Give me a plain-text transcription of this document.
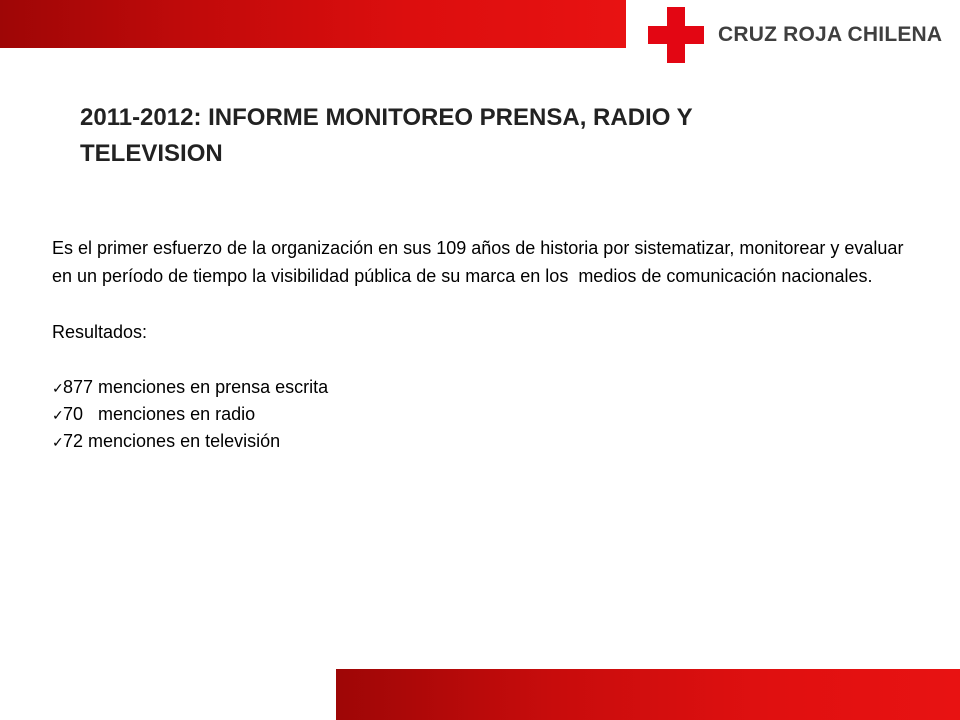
CRUZ ROJA CHILENA
2011-2012: INFORME MONITOREO PRENSA, RADIO Y TELEVISION

Es el primer esfuerzo de la organización en sus 109 años de historia por sistematizar, monitorear y evaluar en un período de tiempo la visibilidad pública de su marca en los  medios de comunicación nacionales.

Resultados:

✓877 menciones en prensa escrita
✓70   menciones en radio
✓72 menciones en televisión
